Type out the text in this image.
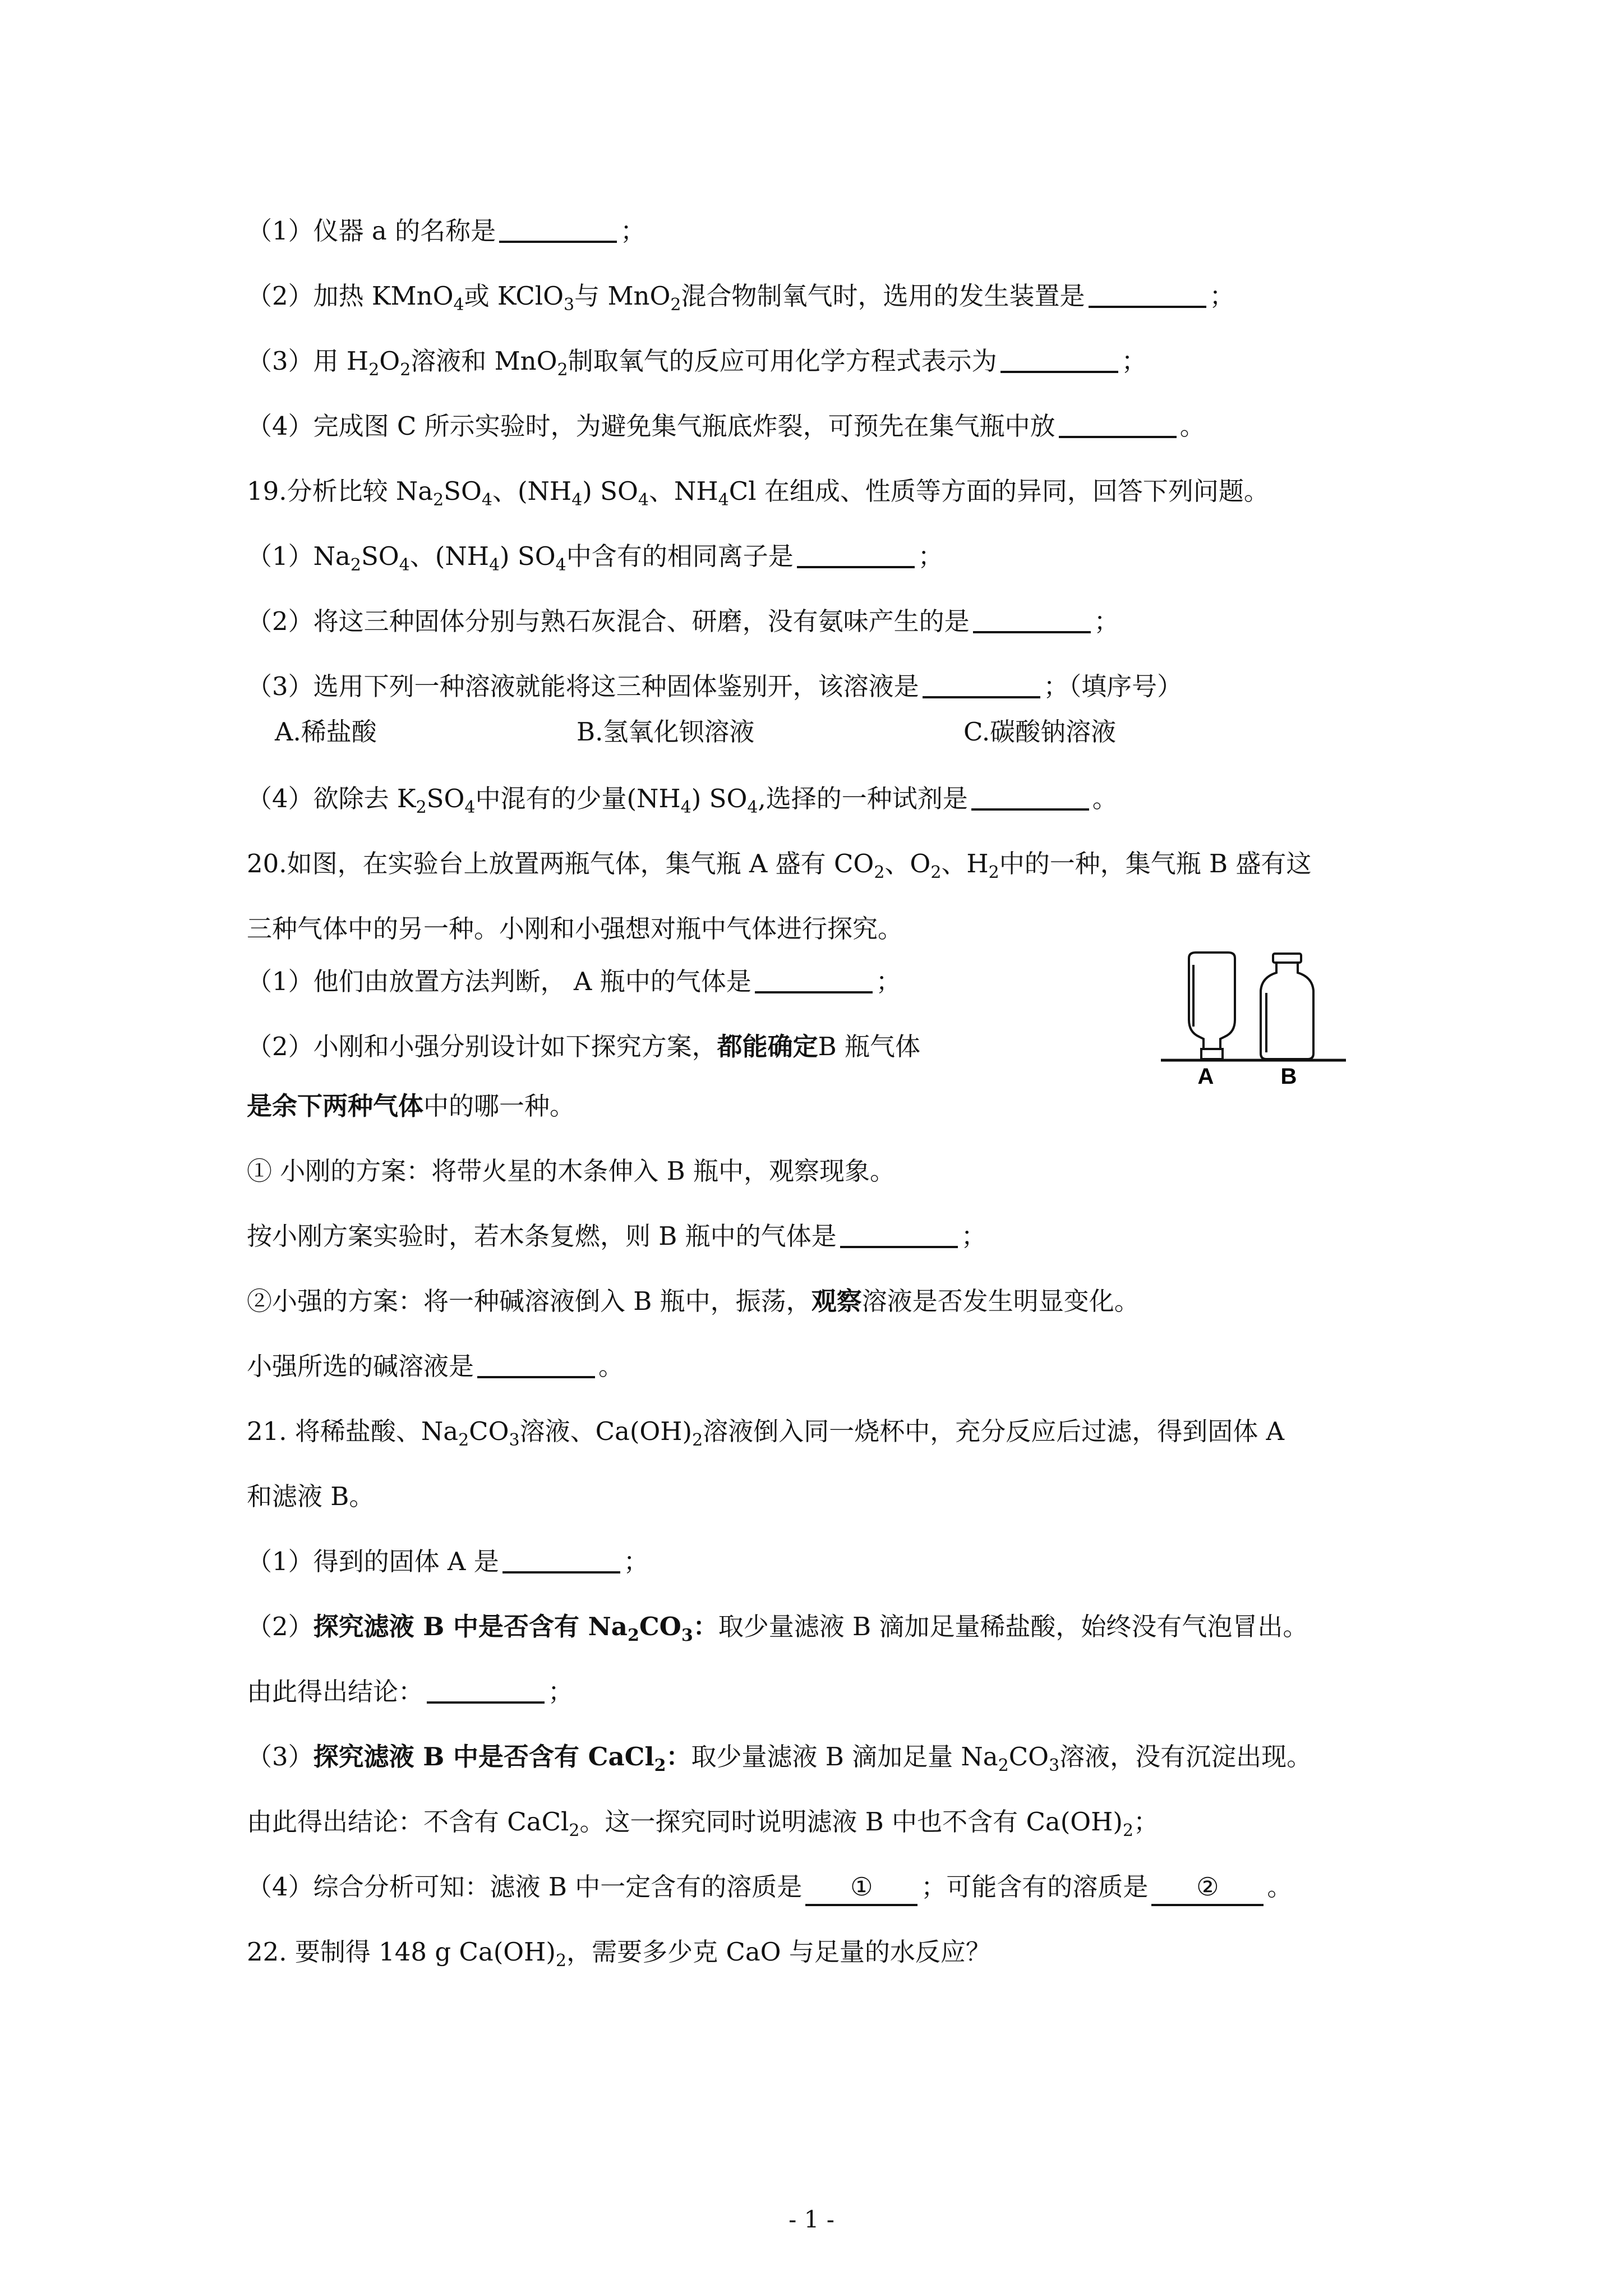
（1）仪器 a 的名称是	；
（2）加热 KMnO$_4$或 KClO$_3$与 MnO$_2$混合物制氧气时，选用的发生装置是	；
（3）用 $H_2O_2$溶液和 MnO$_2$制取氧气的反应可用化学方程式表示为	；
（4）完成图 C 所示实验时，为避免集气瓶底炸裂，可预先在集气瓶中放	。
19.分析比较 $Na_2SO_4$、$(NH_4)$ $SO_4$、$NH_4Cl$ 在组成、性质等方面的异同，回答下列问题。
$(1)Na_2SO_4$、$(NH_4)$ $SO_4$中含有的相同离子是	；
（2）将这三种固体分别与熟石灰混合、研磨，没有氨味产生的是	；
（3）选用下列一种溶液就能将这三种固体鉴别开，该溶液是	；（填序号）
A.稀盐酸	B.氢氧化钡溶液	C.碳酸钠溶液
（4）欲除去 $K_2SO_4$中混有的少量$(NH_4)$ $SO_4$,选择的一种试剂是	。
20.如图，在实验台上放置两瓶气体，集气瓶 A 盛有 $CO_2$、$O_2$、$H_2$中的一种，集气瓶 B 盛有这
三种气体中的另一种。小刚和小强想对瓶中气体进行探究。
（1）他们由放置方法判断， A 瓶中的气体是	；
（2）小刚和小强分别设计如下探究方案，都能确定B 瓶气体
是余下两种气体中的哪一种。
① 小刚的方案：将带火星的木条伸入 B 瓶中，观察现象。
按小刚方案实验时，若木条复燃，则 B 瓶中的气体是	；
②小强的方案：将一种碱溶液倒入 B 瓶中，振荡，观察溶液是否发生明显变化。
小强所选的碱溶液是	。
A	B
21. 将稀盐酸、$Na_2CO_3$溶液、$Ca(OH)_2$溶液倒入同一烧杯中，充分反应后过滤，得到固体 A
和滤液 B。
（1）得到的固体 A 是	；
（2）探究滤液 B 中是否含有 $Na_2CO_3$：取少量滤液 B 滴加足量稀盐酸，始终没有气泡冒出。
由此得出结论：	；
（3）探究滤液 B 中是否含有 CaCl$_2$：取少量滤液 B 滴加足量 $Na_2CO_3$溶液，没有沉淀出现。
由此得出结论：不含有 CaCl$_2$。这一探究同时说明滤液 B 中也不含有 $Ca(OH)_2$；
（4）综合分析可知：滤液 B 中一定含有的溶质是 ① ；可能含有的溶质是 ② 。
22. 要制得 148 g $Ca(OH)_2$，需要多少克 CaO 与足量的水反应？
- 1 -
